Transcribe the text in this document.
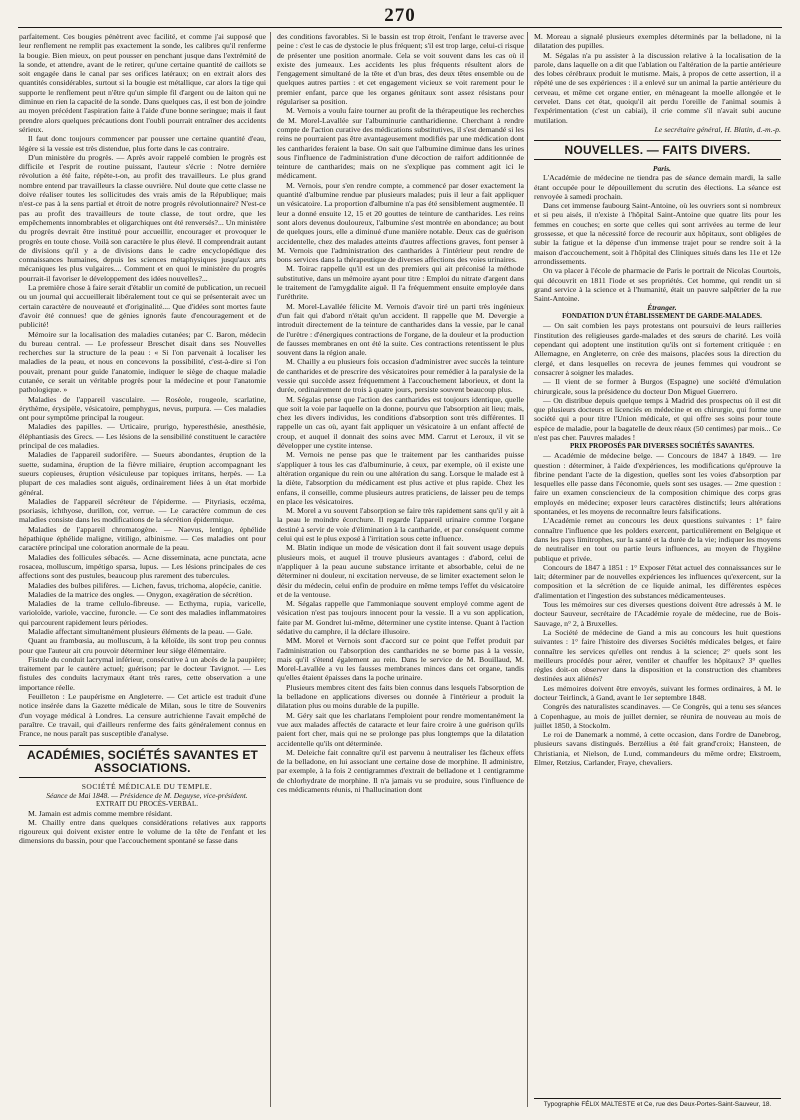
270

parfaitement. Ces bougies pénètrent avec facilité, et comme j'ai supposé que leur renflement ne remplit pas exactement la sonde, les calibres qu'il renferme la bougie. Bien mieux, on peut pousser en penchant jusque dans l'extrémité de la sonde, et attendre, avant de le retirer, qu'une certaine quantité de caillots se soit engagée dans le canal par ses orifices latéraux; on en extrait alors des quantités considérables, surtout si la bougie est métallique, car alors la tige qui supporte le renflement peut n'être qu'un simple fil d'argent ou de laiton qui ne diminue en rien la capacité de la sonde. Dans quelques cas, il est bon de joindre au moyen précédent l'aspiration faite à l'aide d'une bonne seringue; mais il faut prendre alors quelques précautions dont l'oubli pourrait entraîner des accidents sérieux.

Il faut donc toujours commencer par pousser une certaine quantité d'eau, légère si la vessie est très distendue, plus forte dans le cas contraire.

D'un ministère du progrès. — Après avoir rappelé combien le progrès est difficile et l'esprit de routine puissant, l'auteur s'écrie : Notre dernière révolution a été faite, répète-t-on, au profit des travailleurs. Le plus grand nombre entend par travailleurs la classe ouvrière. Nul doute que cette classe ne doive réaliser toutes les sollicitudes des vrais amis de la République; mais n'est-ce pas à la sens partial et étroit de notre progrès révolutionnaire? N'est-ce pas au profit des travailleurs de toute classe, de tout ordre, que les empêchements innombrables et oligarchiques ont été renversés?... Un ministère du progrès devrait être institué pour accueillir, encourager et provoquer le progrès en toute chose. Voilà son caractère le plus élevé. Il comprendrait autant de divisions qu'il y a de divisions dans le cadre encyclopédique des connaissances humaines, depuis les sciences métaphysiques jusqu'aux arts mécaniques les plus vulgaires.... Comment et en quoi le ministère du progrès pourrait-il favoriser le développement des idées nouvelles?...

La première chose à faire serait d'établir un comité de publication, un recueil ou un journal qui accueillerait libéralement tout ce qui se présenterait avec un certain caractère de nouveauté et d'originalité.... Que d'idées sont mortes faute d'avoir été connues! que de génies ignorés faute d'encouragement et de publicité!

Mémoire sur la localisation des maladies cutanées; par C. Baron, médecin du bureau central. — Le professeur Breschet disait dans ses Nouvelles recherches sur la structure de la peau : « Si l'on parvenait à localiser les maladies de la peau, et nous en concevons la possibilité, c'est-à-dire si l'on pouvait, prenant pour guide l'anatomie, indiquer le siège de chaque maladie cutanée, ce serait un véritable progrès pour la médecine et pour l'anatomie pathologique. »

Maladies de l'appareil vasculaire. — Roséole, rougeole, scarlatine, érythème, érysipèle, vésicatoire, pemphygus, nevus, purpura. — Ces maladies ont pour symptôme principal la rougeur.

Maladies des papilles. — Urticaire, prurigo, hyperesthésie, anesthésie, éléphantiasis des Grecs. — Les lésions de la sensibilité constituent le caractère principal de ces maladies.

Maladies de l'appareil sudorifère. — Sueurs abondantes, éruption de la suette, sudamina, éruption de la fièvre miliaire, éruption accompagnant les sueurs copieuses, éruption vésiculeuse par topiques irritans, herpès. — La plupart de ces maladies sont aiguës, ordinairement liées à un état morbide général.

Maladies de l'appareil sécréteur de l'épiderme. — Pityriasis, eczéma, psoriasis, ichthyose, durillon, cor, verrue. — Le caractère commun de ces maladies consiste dans les modifications de la sécrétion épidermique.

Maladies de l'appareil chromatogène. — Naevus, lentigo, éphélide hépathique éphélide maligne, vitiligo, albinisme. — Ces maladies ont pour caractère principal une coloration anormale de la peau.

Maladies des follicules sébacés. — Acne disseminata, acne punctata, acne rosacea, molluscum, impétigo sparsa, lupus. — Les lésions principales de ces affections sont des pustules, beaucoup plus rarement des tubercules.

Maladies des bulbes pilifères. — Lichen, favus, trichoma, alopécie, canitie.

Maladies de la matrice des ongles. — Onygon, exagération de sécrétion.

Maladies de la trame cellulo-fibreuse. — Ecthyma, rupia, varicelle, varioloïde, variole, vaccine, furoncle. — Ce sont des maladies inflammatoires qui parcourent rapidement leurs périodes.

Maladie affectant simultanément plusieurs éléments de la peau. — Gale.

Quant au frambœsia, au molluscum, à la kéloïde, ils sont trop peu connus pour que l'auteur ait cru pouvoir déterminer leur siège élémentaire.

Fistule du conduit lacrymal inférieur, consécutive à un abcès de la paupière; traitement par le cautère actuel; guérison; par le docteur Tavignot. — Les fistules des conduits lacrymaux étant très rares, cette observation a une importance réelle.

Feuilleton : Le paupérisme en Angleterre. — Cet article est traduit d'une notice insérée dans la Gazette médicale de Milan, sous le titre de Souvenirs d'un voyage médical à Londres. La censure autrichienne l'avait empêché de paraître. Ce travail, qui d'ailleurs renferme des faits généralement connus en France, ne nous paraît pas susceptible d'analyse.

ACADÉMIES, SOCIÉTÉS SAVANTES ET ASSOCIATIONS.

SOCIÉTÉ MÉDICALE DU TEMPLE.

Séance de Mai 1848. — Présidence de M. Deguyse, vice-président.

EXTRAIT DU PROCÈS-VERBAL.

M. Jamain est admis comme membre résidant.

M. Chailly entre dans quelques considérations relatives aux rapports rigoureux qui doivent exister entre le volume de la tête de l'enfant et les dimensions du bassin, pour que l'accouchement spontané se fasse dans

des conditions favorables. Si le bassin est trop étroit, l'enfant le traverse avec peine : c'est le cas de dystocie le plus fréquent; s'il est trop large, celui-ci risque de présenter une position anormale. Cela se voit souvent dans les cas où il existe des jumeaux. Les accidents les plus fréquents résultent alors de l'engagement simultané de la tête et d'un bras, des deux têtes ensemble ou de quelques autres parties : et cet engagement vicieux se voit rarement pour le premier enfant, parce que les organes génitaux sont assez résistans pour régulariser sa position.

M. Vernois a voulu faire tourner au profit de la thérapeutique les recherches de M. Morel-Lavallée sur l'albuminurie cantharidienne. Cherchant à rendre compte de l'action curative des médications substitutives, il s'est demandé si les reins ne pourraient pas être avantageusement modifiés par une médication dont les cantharides feraient la base. On sait que l'albumine diminue dans les urines sous l'influence de l'administration d'une décoction de raifort additionnée de teinture de cantharides; mais on ne s'explique pas comment agit ici le médicament.

M. Vernois, pour s'en rendre compte, a commencé par doser exactement la quantité d'albumine rendue par plusieurs malades; puis il leur a fait appliquer un vésicatoire. La proportion d'albumine n'a pas été sensiblement augmentée. Il leur a donné ensuite 12, 15 et 20 gouttes de teinture de cantharides. Les reins sont alors devenus douloureux, l'albumine s'est montrée en abondance; au bout de quelques jours, elle a diminué d'une manière notable. Deux cas de guérison accidentelle, chez des malades atteints d'autres affections graves, font penser à M. Vernois que l'administration des cantharides à l'intérieur peut rendre de bons services dans la thérapeutique de diverses affections des voies urinaires.

M. Toirac rappelle qu'il est un des premiers qui ait préconisé la méthode substitutive, dans un mémoire ayant pour titre : Emploi du nitrate d'argent dans le traitement de l'amygdalite aiguë. Il l'a fréquemment ensuite employée dans l'uréthrite.

M. Morel-Lavallée félicite M. Vernois d'avoir tiré un parti très ingénieux d'un fait qui d'abord n'était qu'un accident. Il rappelle que M. Devergie a introduit directement de la teinture de cantharides dans la vessie, par le canal de l'urètre : d'énergiques contractions de l'organe, de la douleur et la production de fausses membranes en ont été la suite. Ces contractions retentissent le plus souvent dans la région anale.

M. Chailly a eu plusieurs fois occasion d'administrer avec succès la teinture de cantharides et de prescrire des vésicatoires pour remédier à la paralysie de la vessie qui succède assez fréquemment à l'accouchement laborieux, et dont la durée, ordinairement de trois à quatre jours, persiste souvent beaucoup plus.

M. Ségalas pense que l'action des cantharides est toujours identique, quelle que soit la voie par laquelle on la donne, pourvu que l'absorption ait lieu; mais, chez les divers individus, les conditions d'absorption sont très différentes. Il rappelle un cas où, ayant fait appliquer un vésicatoire à un enfant affecté de croup, et auquel il donnait des soins avec MM. Carrut et Leroux, il vit se développer une cystite intense.

M. Vernois ne pense pas que le traitement par les cantharides puisse s'appliquer à tous les cas d'albuminurie, à ceux, par exemple, où il existe une altération organique du rein ou une altération du sang. Lorsque le malade est à la diète, l'absorption du médicament est plus active et plus rapide. Chez les enfans, il conseille, comme plusieurs autres praticiens, de laisser peu de temps en place les vésicatoires.

M. Morel a vu souvent l'absorption se faire très rapidement sans qu'il y ait à la peau le moindre écorchure. Il regarde l'appareil urinaire comme l'organe destiné à servir de voie d'élimination à la cantharide, et par conséquent comme celui qui est le plus exposé à l'irritation sous cette influence.

M. Blatin indique un mode de vésication dont il fait souvent usage depuis plusieurs mois, et auquel il trouve plusieurs avantages : d'abord, celui de n'appliquer à la peau aucune substance irritante et absorbable, celui de ne déterminer ni douleur, ni excitation nerveuse, de se limiter exactement selon le désir du médecin, celui enfin de produire en même temps l'effet du vésicatoire et de la ventouse.

M. Ségalas rappelle que l'ammoniaque souvent employé comme agent de vésication n'est pas toujours innocent pour la vessie. Il a vu son application, faite par M. Gondret lui-même, déterminer une cystite intense. Quant à l'action sédative du camphre, il la déclare illusoire.

MM. Morel et Vernois sont d'accord sur ce point que l'effet produit par l'administration ou l'absorption des cantharides ne se borne pas à la vessie, mais qu'il s'étend également au rein. Dans le service de M. Bouillaud, M. Morel-Lavallée a vu les fausses membranes minces dans cet organe, tandis qu'elles étaient épaisses dans la poche urinaire.

Plusieurs membres citent des faits bien connus dans lesquels l'absorption de la belladone en applications diverses ou donnée à l'intérieur a produit la dilatation plus ou moins durable de la pupille.

M. Géry sait que les charlatans l'emploient pour rendre momentanément la vue aux malades affectés de cataracte et leur faire croire à une guérison qu'ils paient fort cher, mais qui ne se prolonge pas plus longtemps que la dilatation accidentelle qu'ils ont déterminée.

M. Deleiche fait connaître qu'il est parvenu à neutraliser les fâcheux effets de la belladone, en lui associant une certaine dose de morphine. Il administre, par exemple, à la fois 2 centigrammes d'extrait de belladone et 1 centigramme de chlorhydrate de morphine. Il n'a jamais vu se produire, sous l'influence de ces médicaments réunis, ni l'hallucination dont

M. Moreau a signalé plusieurs exemples déterminés par la belladone, ni la dilatation des pupilles.

M. Ségalas n'a pu assister à la discussion relative à la localisation de la parole, dans laquelle on a dit que l'ablation ou l'altération de la partie antérieure des lobes cérébraux produit le mutisme. Mais, à propos de cette assertion, il a répété une de ses expériences : il a enlevé sur un animal la partie antérieure du cerveau, et même cet organe entier, en ménageant la moelle allongée et le cervelet. Dans cet état, quoiqu'il ait perdu l'oreille de l'animal soumis à l'expérimentation (c'est un cabiai), il crie comme s'il n'avait subi aucune mutilation.

Le secrétaire général, H. Blatin, d.-m.-p.

NOUVELLES. — FAITS DIVERS.

Paris.

L'Académie de médecine ne tiendra pas de séance demain mardi, la salle étant occupée pour le dépouillement du scrutin des élections. La séance est renvoyée à samedi prochain.

Dans cet immense faubourg Saint-Antoine, où les ouvriers sont si nombreux et si peu aisés, il n'existe à l'hôpital Saint-Antoine que quatre lits pour les femmes en couches; en sorte que celles qui sont arrivées au terme de leur grossesse, et que la nécessité force de recourir aux hôpitaux, sont obligées de subir la fatigue et la dépense d'un immense trajet pour se rendre soit à la maison d'accouchement, soit à l'hôpital des Cliniques situés dans les 11e et 12e arrondissements.

On va placer à l'école de pharmacie de Paris le portrait de Nicolas Courtois, qui découvrit en 1811 l'iode et ses propriétés. Cet homme, qui rendit un si grand service à la science et à l'humanité, était un pauvre salpêtrier de la rue Saint-Antoine.

Étranger.

FONDATION D'UN ÉTABLISSEMENT DE GARDE-MALADES.

— On sait combien les pays protestans ont poursuivi de leurs railleries l'institution des religieuses garde-malades et des sœurs de charité. Les voilà cependant qui adoptent une institution qu'ils ont si fortement critiquée : en Allemagne, en Angleterre, on crée des maisons, placées sous la direction du clergé, et dans lesquelles on recevra de jeunes femmes qui voudront se consacrer à soigner les malades.

— Il vient de se former à Burgos (Espagne) une société d'émulation chirurgicale, sous la présidence du docteur Don Miguel Guerrero.

— On distribue depuis quelque temps à Madrid des prospectus où il est dit que plusieurs docteurs et licenciés en médecine et en chirurgie, qui forme une société qui a pour titre l'Union médicale, et qui offre ses soins pour toute espèce de maladie, pour la bagatelle de deux réaux (50 centimes) par mois... Ce n'est pas cher. Pauvres malades !

PRIX PROPOSÉS PAR DIVERSES SOCIÉTÉS SAVANTES.

— Académie de médecine belge. — Concours de 1847 à 1849. — 1re question : déterminer, à l'aide d'expériences, les modifications qu'éprouve la fibrine pendant l'acte de la digestion, quelles sont les voies d'absorption par lesquelles elle passe dans l'économie, quels sont ses usages. — 2me question : faire un examen consciencieux de la composition chimique des corps gras employés en médecine; exposer leurs caractères distinctifs; leurs altérations spontanées, et les moyens de reconnaître leurs falsifications.

L'Académie remet au concours les deux questions suivantes : 1° faire connaître l'influence que les polders exercent, particulièrement en Belgique et dans les pays limitrophes, sur la santé et la durée de la vie; indiquer les moyens de neutraliser en tout ou partie leurs influences, au moyen de l'hygiène publique et privée.

Concours de 1847 à 1851 : 1° Exposer l'état actuel des connaissances sur le lait; déterminer par de nouvelles expériences les influences qu'exercent, sur la composition et la sécrétion de ce liquide animal, les différentes espèces d'alimentation et l'ingestion des substances médicamenteuses.

Tous les mémoires sur ces diverses questions doivent être adressés à M. le docteur Sauveur, secrétaire de l'Académie royale de médecine, rue de Bois-Sauvage, n° 2, à Bruxelles.

La Société de médecine de Gand a mis au concours les huit questions suivantes : 1° faire l'histoire des diverses Sociétés médicales belges, et faire connaître les services qu'elles ont rendus à la science; 2° quels sont les meilleurs procédés pour aérer, ventiler et chauffer les hôpitaux? 3° quelles règles doit-on observer dans la disposition et la construction des chambres destinées aux aliénés?

Les mémoires doivent être envoyés, suivant les formes ordinaires, à M. le docteur Teirlinck, à Gand, avant le 1er septembre 1848.

Congrès des naturalistes scandinaves. — Ce Congrès, qui a tenu ses séances à Copenhague, au mois de juillet dernier, se réunira de nouveau au mois de juillet 1850, à Stockolm.

Le roi de Danemark a nommé, à cette occasion, dans l'ordre de Danebrog, plusieurs savans distingués. Berzélius a été fait grand'croix; Hansteen, de Christiania, et Nielson, de Lund, commandeurs du même ordre; Ekstroem, Elmer, Retzius, Carlander, Fraye, chevaliers.

Typographie FÉLIX MALTESTE et Ce, rue des Deux-Portes-Saint-Sauveur, 18.
